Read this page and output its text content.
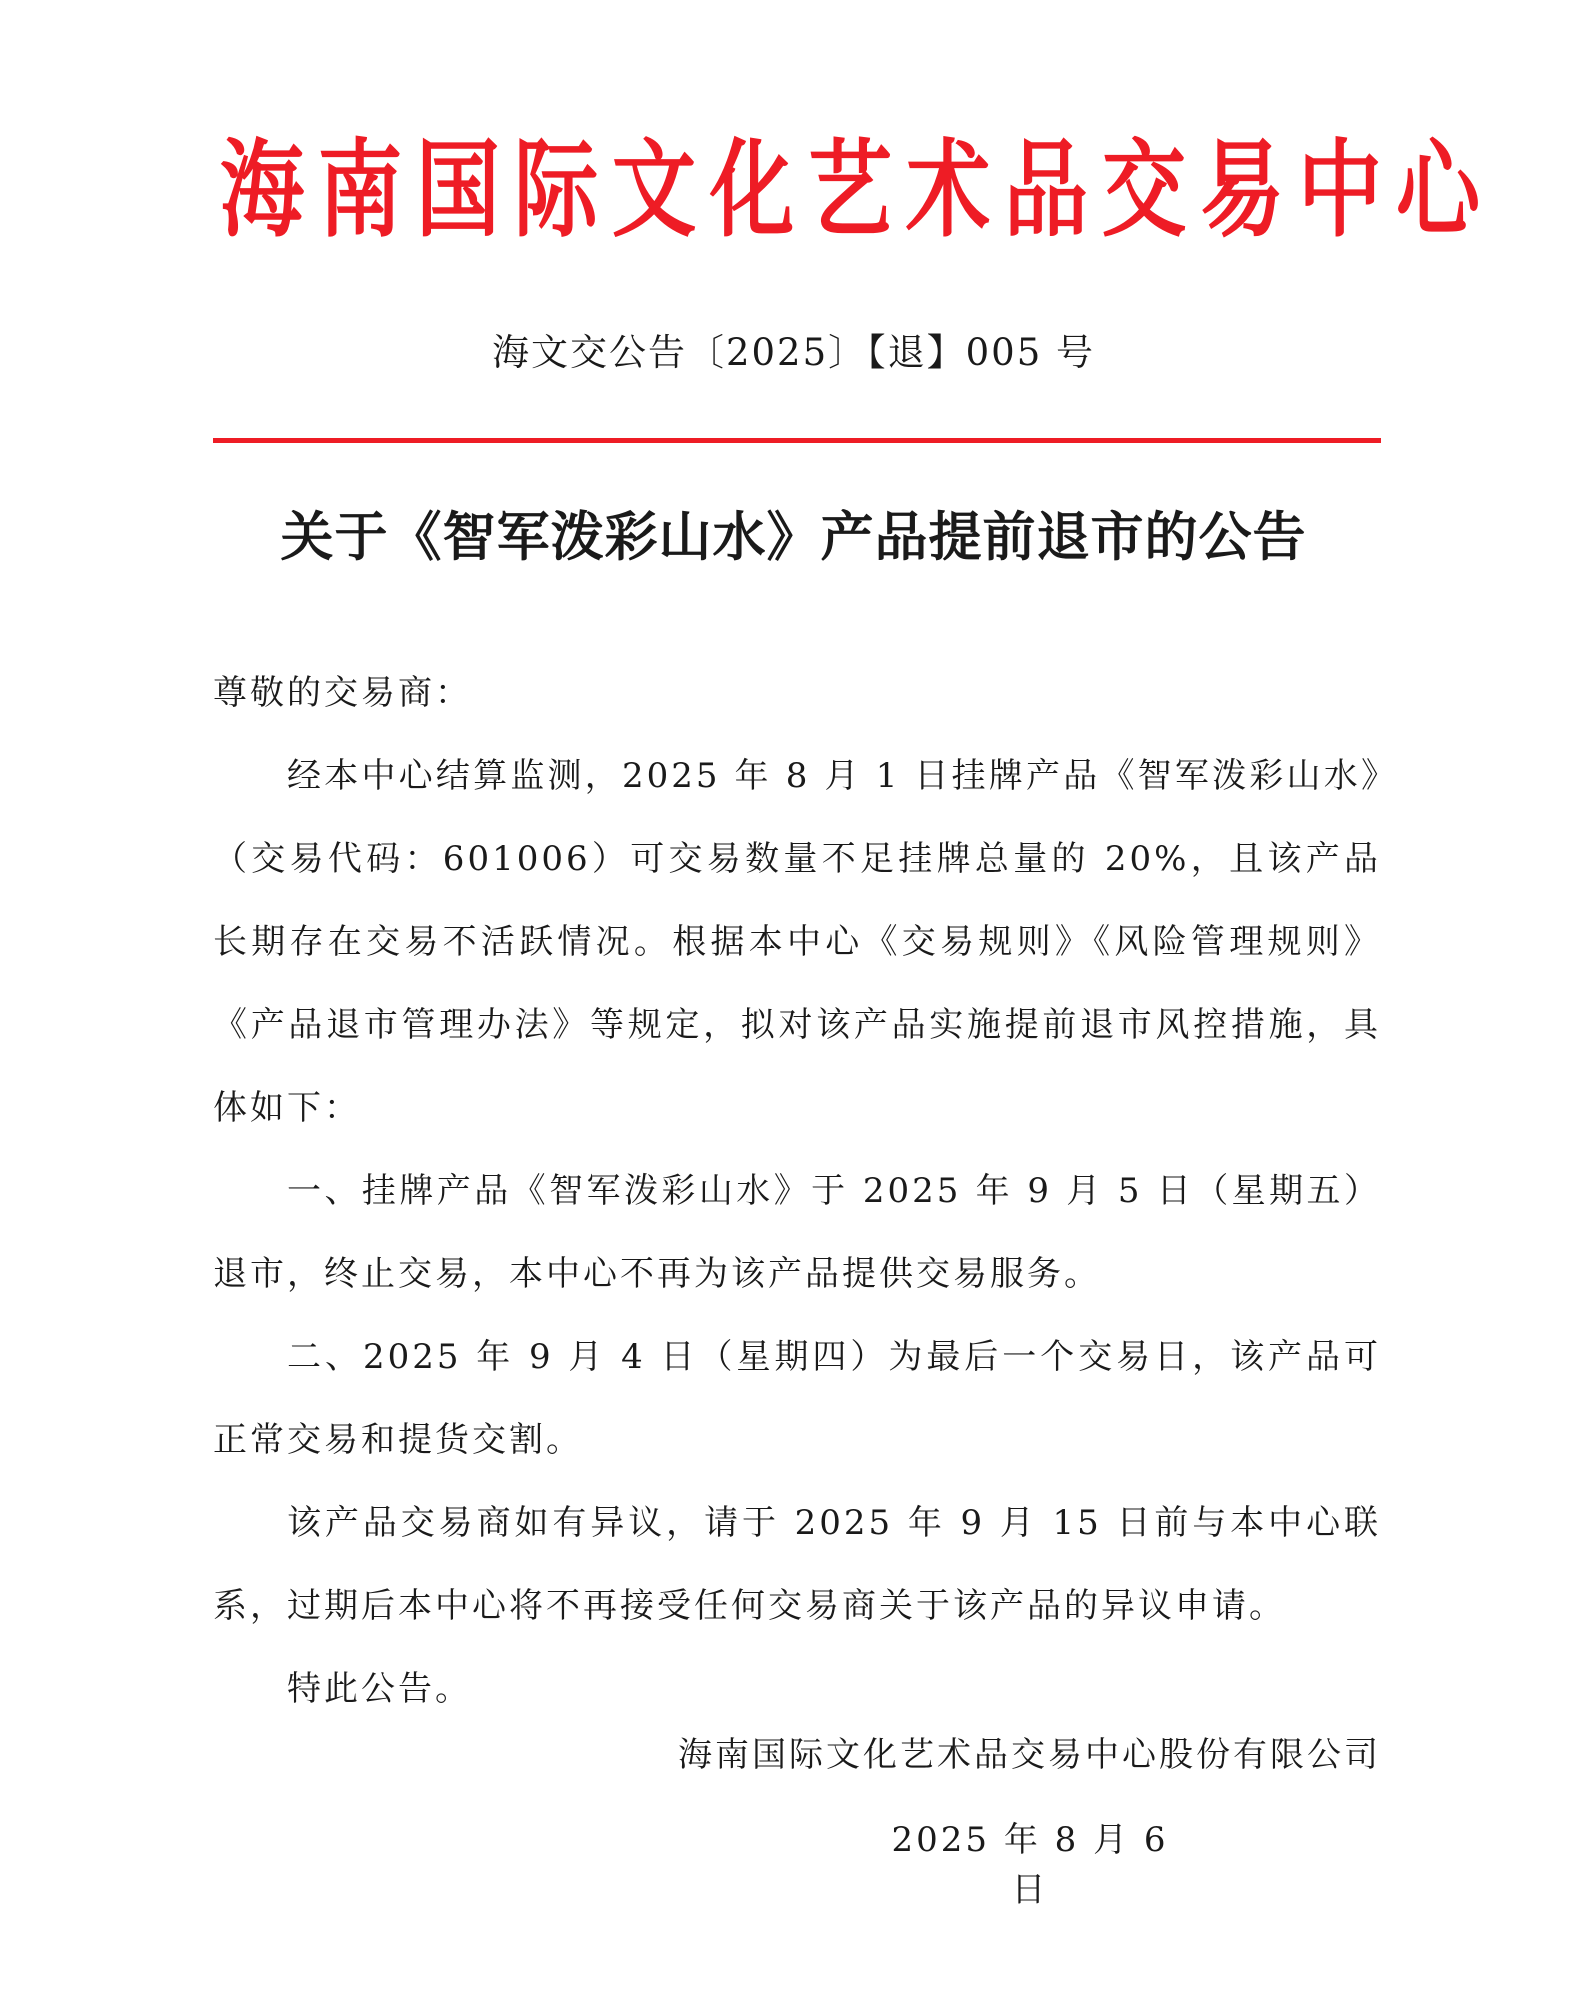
海 南 国 际 文 化 艺 术 品 交 易 中 心
海文交公告〔2025〕【退】005 号
关于《智军泼彩山水》产品提前退市的公告

尊敬的交易商：

经本中心结算监测，2025 年 8 月 1 日挂牌产品《智军泼彩山水》（交易代码：601006）可交易数量不足挂牌总量的 20%，且该产品长期存在交易不活跃情况。根据本中心《交易规则》《风险管理规则》《产品退市管理办法》等规定，拟对该产品实施提前退市风控措施，具体如下：

一、挂牌产品《智军泼彩山水》于 2025 年 9 月 5 日（星期五）退市，终止交易，本中心不再为该产品提供交易服务。

二、2025 年 9 月 4 日（星期四）为最后一个交易日，该产品可正常交易和提货交割。

该产品交易商如有异议，请于 2025 年 9 月 15 日前与本中心联系，过期后本中心将不再接受任何交易商关于该产品的异议申请。

特此公告。

海南国际文化艺术品交易中心股份有限公司
2025 年 8 月 6 日
